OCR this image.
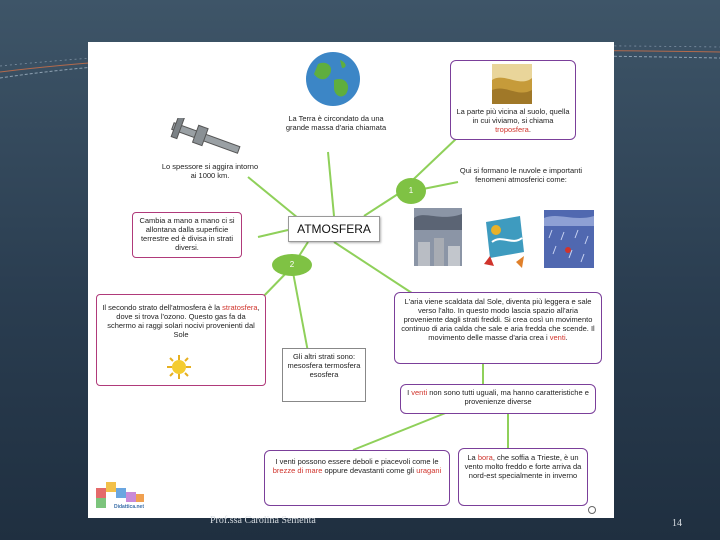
La Terra è circondato da una grande massa d'aria chiamata
Lo spessore si aggira intorno ai 1000 km.
Cambia a mano a mano ci si allontana dalla superficie terrestre ed è divisa in strati diversi.
ATMOSFERA
1
2
La parte più vicina al suolo, quella in cui viviamo, si chiama troposfera.
Qui si formano le nuvole e importanti fenomeni atmosferici come:
Il secondo strato dell'atmosfera è la stratosfera, dove si trova l'ozono. Questo gas fa da schermo ai raggi solari nocivi provenienti dal Sole
Gli altri strati sono: mesosfera termosfera esosfera
L'aria viene scaldata dal Sole, diventa più leggera e sale verso l'alto. In questo modo lascia spazio all'aria proveniente dagli strati freddi. Si crea così un movimento continuo di aria calda che sale e aria fredda che scende. Il movimento delle masse d'aria crea i venti.
I venti non sono tutti uguali, ma hanno caratteristiche e provenienze diverse
I venti possono essere deboli e piacevoli come le brezze di mare oppure devastanti come gli uragani
La bora, che soffia a Trieste, è un vento molto freddo e forte arriva da nord-est specialmente in inverno
Didattica.net
Prof.ssa Carolina Sementa	14
